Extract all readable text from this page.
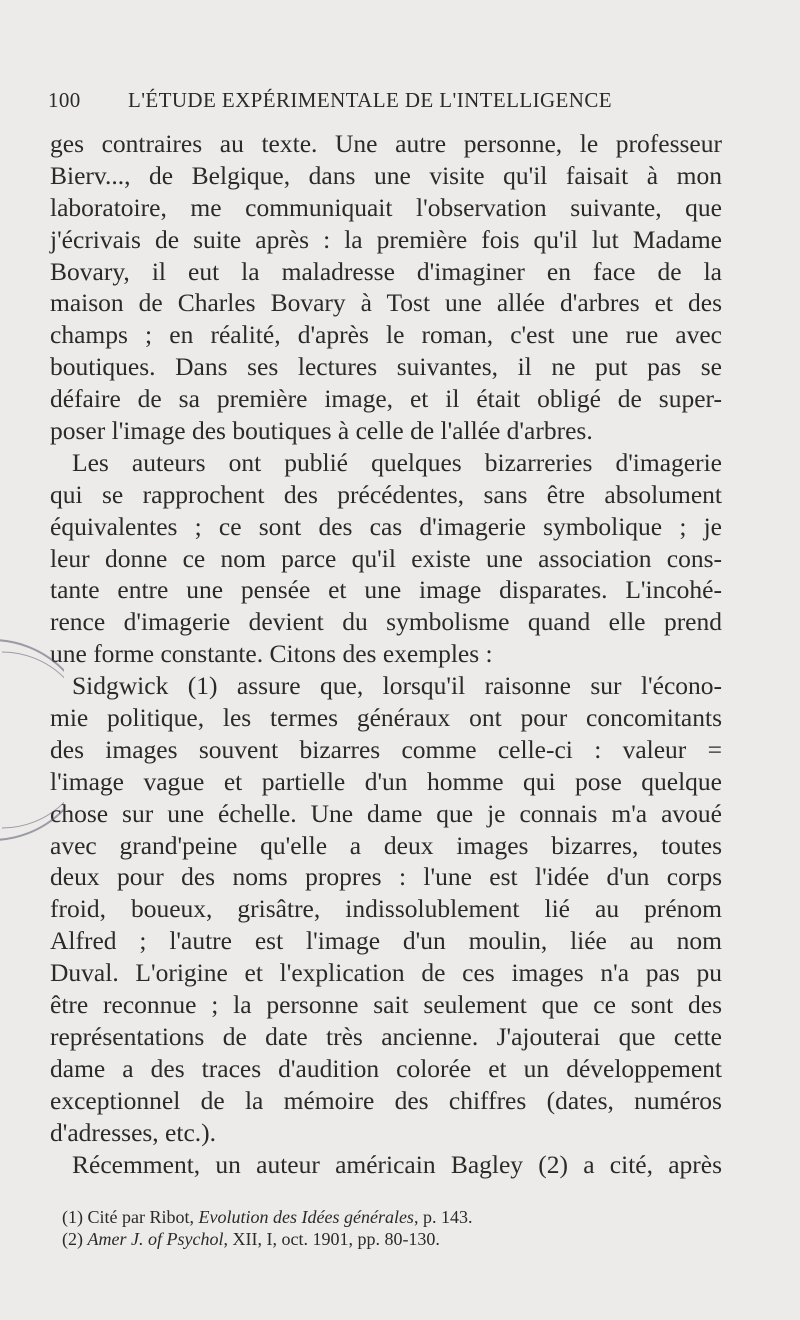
100 L'ÉTUDE EXPÉRIMENTALE DE L'INTELLIGENCE
ges contraires au texte. Une autre personne, le professeur
Bierv..., de Belgique, dans une visite qu'il faisait à mon
laboratoire, me communiquait l'observation suivante, que
j'écrivais de suite après : la première fois qu'il lut Madame
Bovary, il eut la maladresse d'imaginer en face de la
maison de Charles Bovary à Tost une allée d'arbres et des
champs ; en réalité, d'après le roman, c'est une rue avec
boutiques. Dans ses lectures suivantes, il ne put pas se
défaire de sa première image, et il était obligé de super-
poser l'image des boutiques à celle de l'allée d'arbres.
Les auteurs ont publié quelques bizarreries d'imagerie
qui se rapprochent des précédentes, sans être absolument
équivalentes ; ce sont des cas d'imagerie symbolique ; je
leur donne ce nom parce qu'il existe une association cons-
tante entre une pensée et une image disparates. L'incohé-
rence d'imagerie devient du symbolisme quand elle prend
une forme constante. Citons des exemples :
Sidgwick (1) assure que, lorsqu'il raisonne sur l'écono-
mie politique, les termes généraux ont pour concomitants
des images souvent bizarres comme celle-ci : valeur =
l'image vague et partielle d'un homme qui pose quelque
chose sur une échelle. Une dame que je connais m'a avoué
avec grand'peine qu'elle a deux images bizarres, toutes
deux pour des noms propres : l'une est l'idée d'un corps
froid, boueux, grisâtre, indissolublement lié au prénom
Alfred ; l'autre est l'image d'un moulin, liée au nom
Duval. L'origine et l'explication de ces images n'a pas pu
être reconnue ; la personne sait seulement que ce sont des
représentations de date très ancienne. J'ajouterai que cette
dame a des traces d'audition colorée et un développement
exceptionnel de la mémoire des chiffres (dates, numéros
d'adresses, etc.).
Récemment, un auteur américain Bagley (2) a cité, après
(1) Cité par Ribot, Evolution des Idées générales, p. 143.
(2) Amer J. of Psychol, XII, I, oct. 1901, pp. 80-130.
